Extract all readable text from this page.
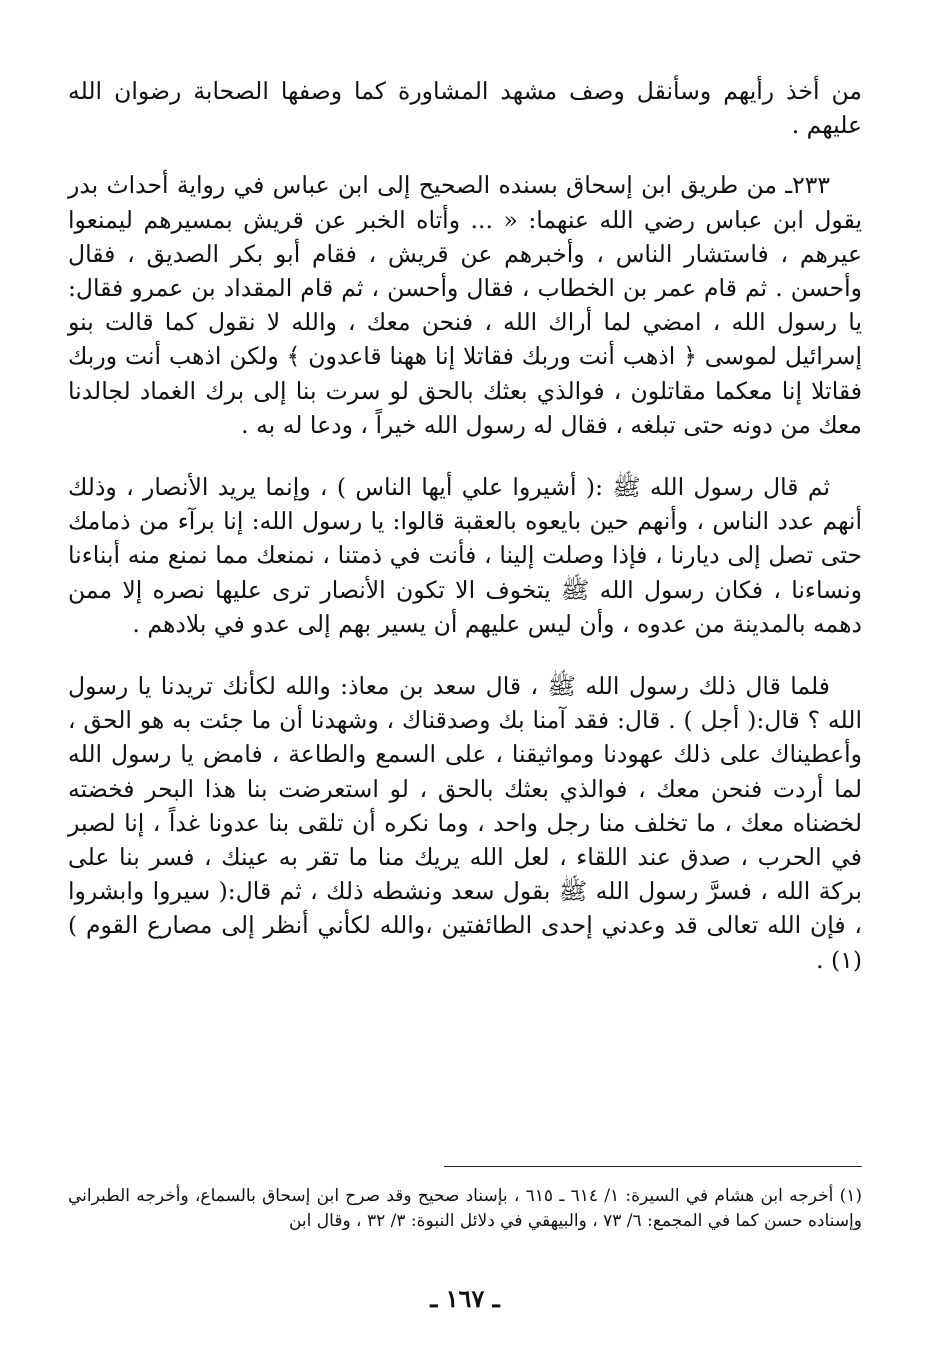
من أخذ رأيهم وسأنقل وصف مشهد المشاورة كما وصفها الصحابة رضوان الله عليهم .

٢٣٣ـ من طريق ابن إسحاق بسنده الصحيح إلى ابن عباس في رواية أحداث بدر يقول ابن عباس رضي الله عنهما: « ... وأتاه الخبر عن قريش بمسيرهم ليمنعوا عيرهم ، فاستشار الناس ، وأخبرهم عن قريش ، فقام أبو بكر الصديق ، فقال وأحسن . ثم قام عمر بن الخطاب ، فقال وأحسن ، ثم قام المقداد بن عمرو فقال: يا رسول الله ، امضي لما أراك الله ، فنحن معك ، والله لا نقول كما قالت بنو إسرائيل لموسى ﴿ اذهب أنت وربك فقاتلا إنا ههنا قاعدون ﴾ ولكن اذهب أنت وربك فقاتلا إنا معكما مقاتلون ، فوالذي بعثك بالحق لو سرت بنا إلى برك الغماد لجالدنا معك من دونه حتى تبلغه ، فقال له رسول الله خيراً ، ودعا له به .

ثم قال رسول الله ﷺ :( أشيروا علي أيها الناس ) ، وإنما يريد الأنصار ، وذلك أنهم عدد الناس ، وأنهم حين بايعوه بالعقبة قالوا: يا رسول الله: إنا برآء من ذمامك حتى تصل إلى ديارنا ، فإذا وصلت إلينا ، فأنت في ذمتنا ، نمنعك مما نمنع منه أبناءنا ونساءنا ، فكان رسول الله ﷺ يتخوف الا تكون الأنصار ترى عليها نصره إلا ممن دهمه بالمدينة من عدوه ، وأن ليس عليهم أن يسير بهم إلى عدو في بلادهم .

فلما قال ذلك رسول الله ﷺ ، قال سعد بن معاذ: والله لكأنك تريدنا يا رسول الله ؟ قال:( أجل ) . قال: فقد آمنا بك وصدقناك ، وشهدنا أن ما جئت به هو الحق ، وأعطيناك على ذلك عهودنا ومواثيقنا ، على السمع والطاعة ، فامض يا رسول الله لما أردت فنحن معك ، فوالذي بعثك بالحق ، لو استعرضت بنا هذا البحر فخضته لخضناه معك ، ما تخلف منا رجل واحد ، وما نكره أن تلقى بنا عدونا غداً ، إنا لصبر في الحرب ، صدق عند اللقاء ، لعل الله يريك منا ما تقر به عينك ، فسر بنا على بركة الله ، فسرَّ رسول الله ﷺ بقول سعد ونشطه ذلك ، ثم قال:( سيروا وابشروا ، فإن الله تعالى قد وعدني إحدى الطائفتين ،والله لكأني أنظر إلى مصارع القوم ) (١) .

(١) أخرجه ابن هشام في السيرة: ١/ ٦١٤ ـ ٦١٥ ، بإسناد صحيح وقد صرح ابن إسحاق بالسماع، وأخرجه الطبراني وإسناده حسن كما في المجمع: ٦/ ٧٣ ، والبيهقي في دلائل النبوة: ٣/ ٣٢ ، وقال ابن
ـ ١٦٧ ـ
